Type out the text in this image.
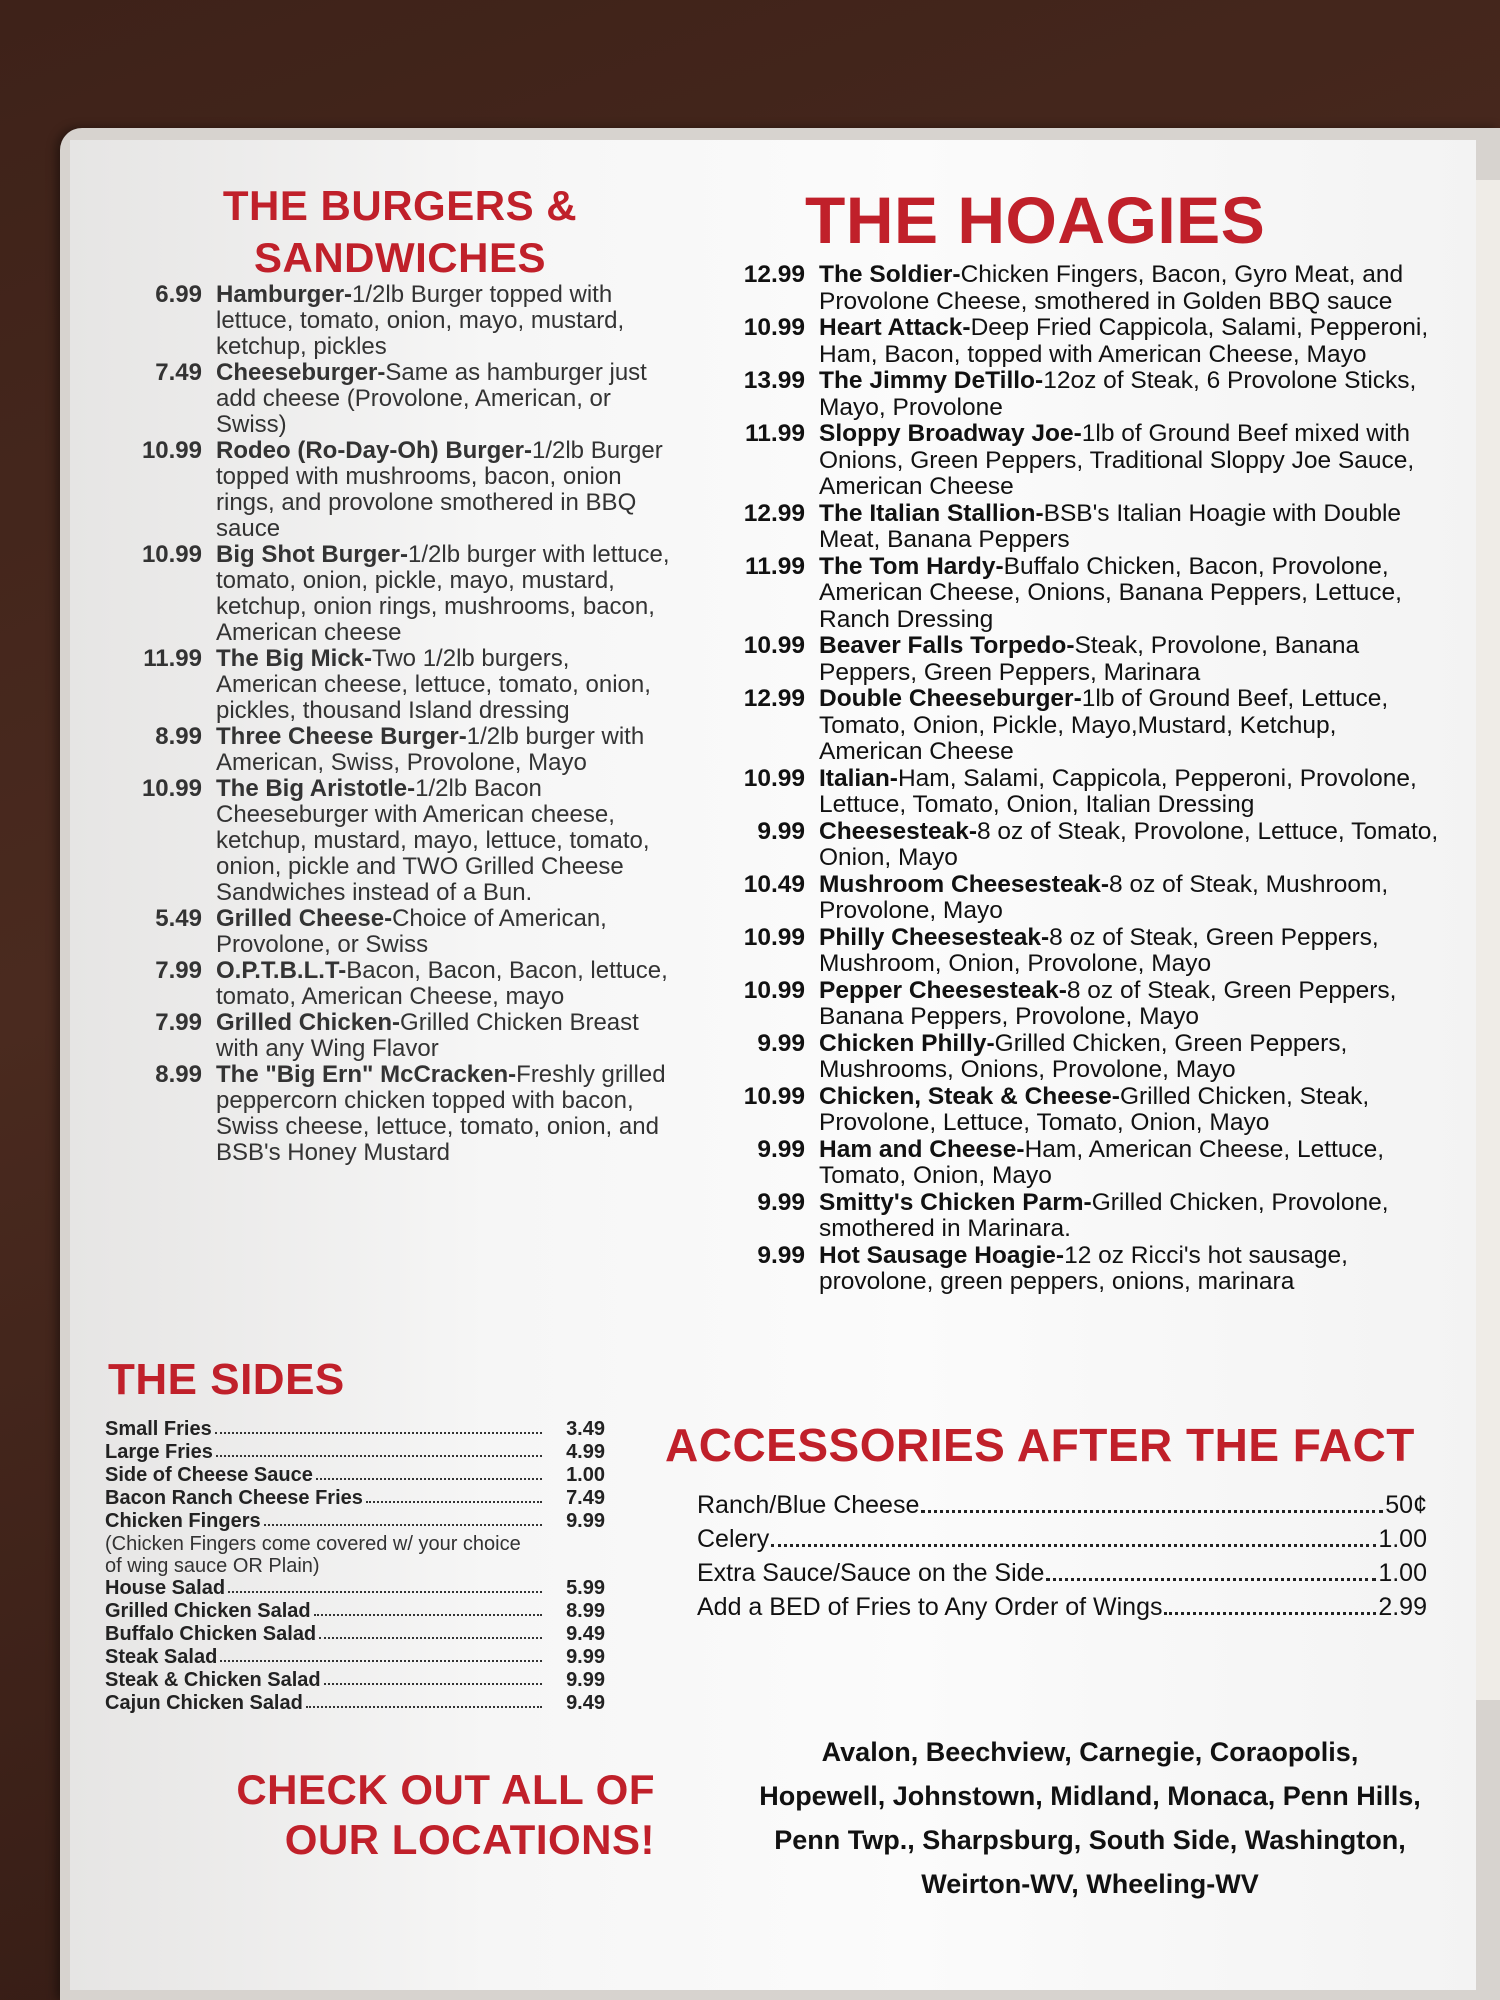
THE BURGERS & SANDWICHES
6.99 Hamburger-1/2lb Burger topped with lettuce, tomato, onion, mayo, mustard, ketchup, pickles
7.49 Cheeseburger-Same as hamburger just add cheese (Provolone, American, or Swiss)
10.99 Rodeo (Ro-Day-Oh) Burger-1/2lb Burger topped with mushrooms, bacon, onion rings, and provolone smothered in BBQ sauce
10.99 Big Shot Burger-1/2lb burger with lettuce, tomato, onion, pickle, mayo, mustard, ketchup, onion rings, mushrooms, bacon, American cheese
11.99 The Big Mick-Two 1/2lb burgers, American cheese, lettuce, tomato, onion, pickles, thousand Island dressing
8.99 Three Cheese Burger-1/2lb burger with American, Swiss, Provolone, Mayo
10.99 The Big Aristotle-1/2lb Bacon Cheeseburger with American cheese, ketchup, mustard, mayo, lettuce, tomato, onion, pickle and TWO Grilled Cheese Sandwiches instead of a Bun.
5.49 Grilled Cheese-Choice of American, Provolone, or Swiss
7.99 O.P.T.B.L.T-Bacon, Bacon, Bacon, lettuce, tomato, American Cheese, mayo
7.99 Grilled Chicken-Grilled Chicken Breast with any Wing Flavor
8.99 The "Big Ern" McCracken-Freshly grilled peppercorn chicken topped with bacon, Swiss cheese, lettuce, tomato, onion, and BSB's Honey Mustard
THE HOAGIES
12.99 The Soldier-Chicken Fingers, Bacon, Gyro Meat, and Provolone Cheese, smothered in Golden BBQ sauce
10.99 Heart Attack-Deep Fried Cappicola, Salami, Pepperoni, Ham, Bacon, topped with American Cheese, Mayo
13.99 The Jimmy DeTillo-12oz of Steak, 6 Provolone Sticks, Mayo, Provolone
11.99 Sloppy Broadway Joe-1lb of Ground Beef mixed with Onions, Green Peppers, Traditional Sloppy Joe Sauce, American Cheese
12.99 The Italian Stallion-BSB's Italian Hoagie with Double Meat, Banana Peppers
11.99 The Tom Hardy-Buffalo Chicken, Bacon, Provolone, American Cheese, Onions, Banana Peppers, Lettuce, Ranch Dressing
10.99 Beaver Falls Torpedo-Steak, Provolone, Banana Peppers, Green Peppers, Marinara
12.99 Double Cheeseburger-1lb of Ground Beef, Lettuce, Tomato, Onion, Pickle, Mayo,Mustard, Ketchup, American Cheese
10.99 Italian-Ham, Salami, Cappicola, Pepperoni, Provolone, Lettuce, Tomato, Onion, Italian Dressing
9.99 Cheesesteak-8 oz of Steak, Provolone, Lettuce, Tomato, Onion, Mayo
10.49 Mushroom Cheesesteak-8 oz of Steak, Mushroom, Provolone, Mayo
10.99 Philly Cheesesteak-8 oz of Steak, Green Peppers, Mushroom, Onion, Provolone, Mayo
10.99 Pepper Cheesesteak-8 oz of Steak, Green Peppers, Banana Peppers, Provolone, Mayo
9.99 Chicken Philly-Grilled Chicken, Green Peppers, Mushrooms, Onions, Provolone, Mayo
10.99 Chicken, Steak & Cheese-Grilled Chicken, Steak, Provolone, Lettuce, Tomato, Onion, Mayo
9.99 Ham and Cheese-Ham, American Cheese, Lettuce, Tomato, Onion, Mayo
9.99 Smitty's Chicken Parm-Grilled Chicken, Provolone, smothered in Marinara.
9.99 Hot Sausage Hoagie-12 oz Ricci's hot sausage, provolone, green peppers, onions, marinara
THE SIDES
Small Fries	3.49
Large Fries	4.99
Side of Cheese Sauce	1.00
Bacon Ranch Cheese Fries	7.49
Chicken Fingers	9.99
(Chicken Fingers come covered w/ your choice of wing sauce OR Plain)
House Salad	5.99
Grilled Chicken Salad	8.99
Buffalo Chicken Salad	9.49
Steak Salad	9.99
Steak & Chicken Salad	9.99
Cajun Chicken Salad	9.49
ACCESSORIES AFTER THE FACT
Ranch/Blue Cheese	50¢
Celery	1.00
Extra Sauce/Sauce on the Side	1.00
Add a BED of Fries to Any Order of Wings	2.99
CHECK OUT ALL OF OUR LOCATIONS!
Avalon, Beechview, Carnegie, Coraopolis,
Hopewell, Johnstown, Midland, Monaca, Penn Hills,
Penn Twp., Sharpsburg, South Side, Washington,
Weirton-WV, Wheeling-WV
